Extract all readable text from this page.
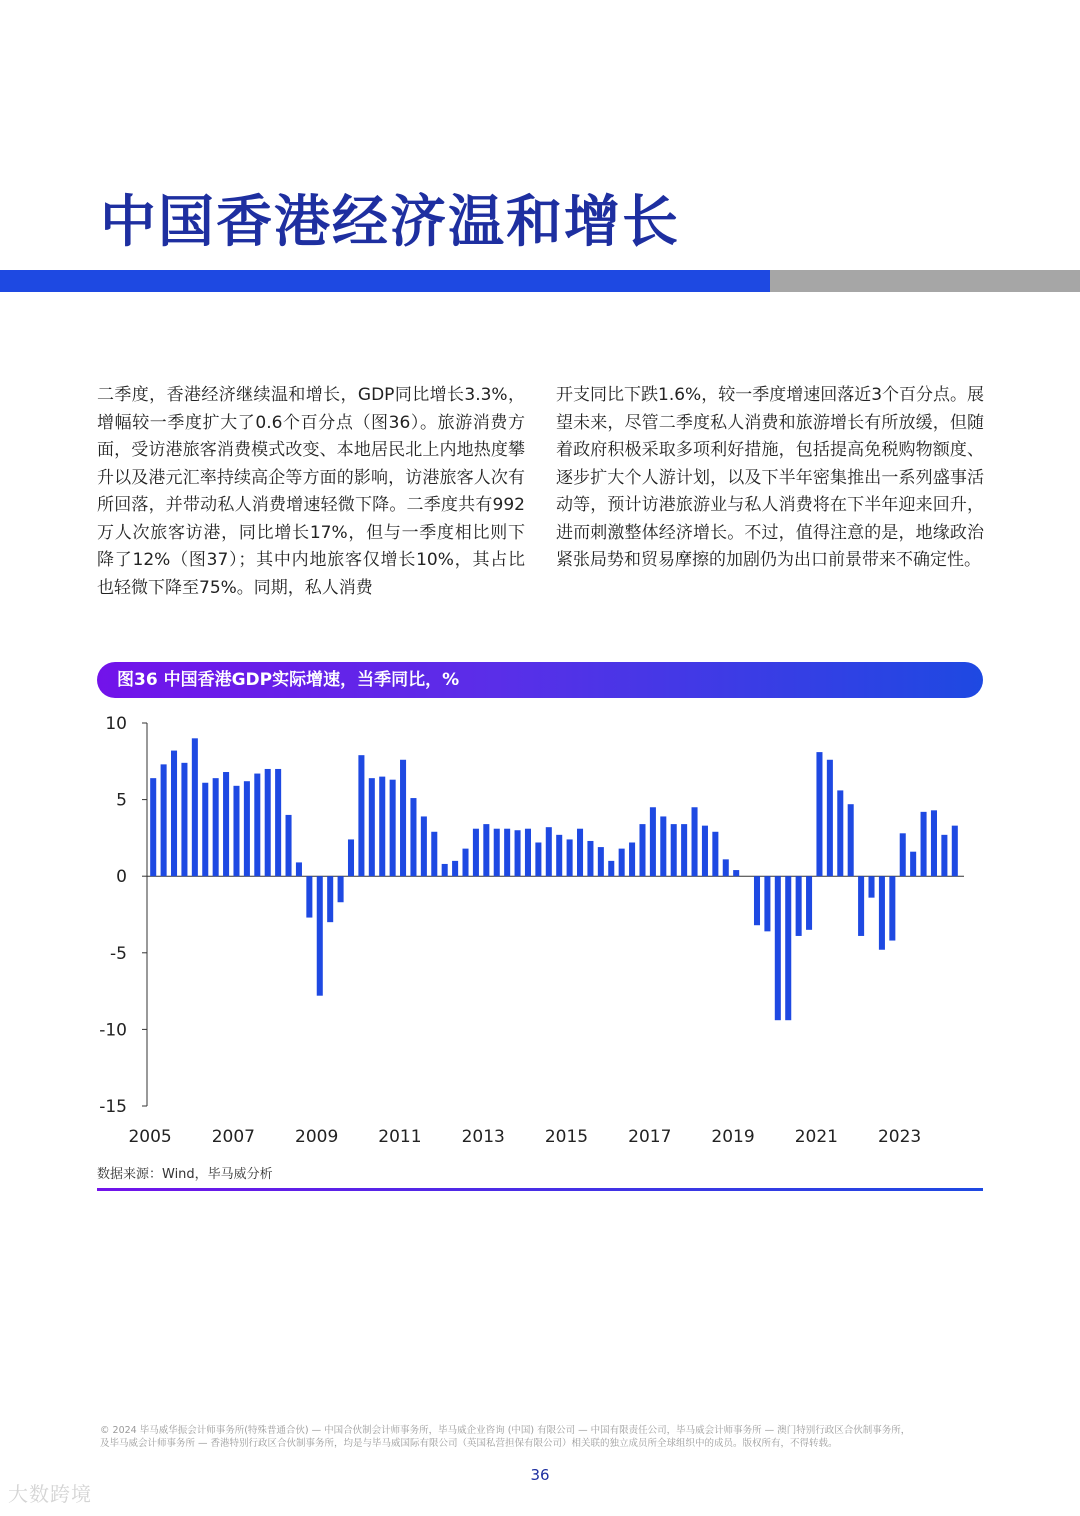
中国香港经济温和增长

二季度，香港经济继续温和增长，GDP同比增长3.3%，增幅较一季度扩大了0.6个百分点（图36）。旅游消费方面，受访港旅客消费模式改变、本地居民北上内地热度攀升以及港元汇率持续高企等方面的影响，访港旅客人次有所回落，并带动私人消费增速轻微下降。二季度共有992万人次旅客访港，同比增长17%，但与一季度相比则下降了12%（图37）；其中内地旅客仅增长10%，其占比也轻微下降至75%。同期，私人消费

开支同比下跌1.6%，较一季度增速回落近3个百分点。展望未来，尽管二季度私人消费和旅游增长有所放缓，但随着政府积极采取多项利好措施，包括提高免税购物额度、逐步扩大个人游计划，以及下半年密集推出一系列盛事活动等，预计访港旅游业与私人消费将在下半年迎来回升，进而刺激整体经济增长。不过，值得注意的是，地缘政治紧张局势和贸易摩擦的加剧仍为出口前景带来不确定性。

图36 中国香港GDP实际增速，当季同比，%
10
5
0
-5
-10
-15
2005 2007 2009 2011 2013 2015 2017 2019 2021 2023
数据来源：Wind，毕马威分析

© 2024 毕马威华振会计师事务所(特殊普通合伙) — 中国合伙制会计师事务所，毕马威企业咨询 (中国) 有限公司 — 中国有限责任公司，毕马威会计师事务所 — 澳门特别行政区合伙制事务所，

及毕马威会计师事务所 — 香港特别行政区合伙制事务所，均是与毕马威国际有限公司（英国私营担保有限公司）相关联的独立成员所全球组织中的成员。版权所有，不得转载。

36
大数跨境
